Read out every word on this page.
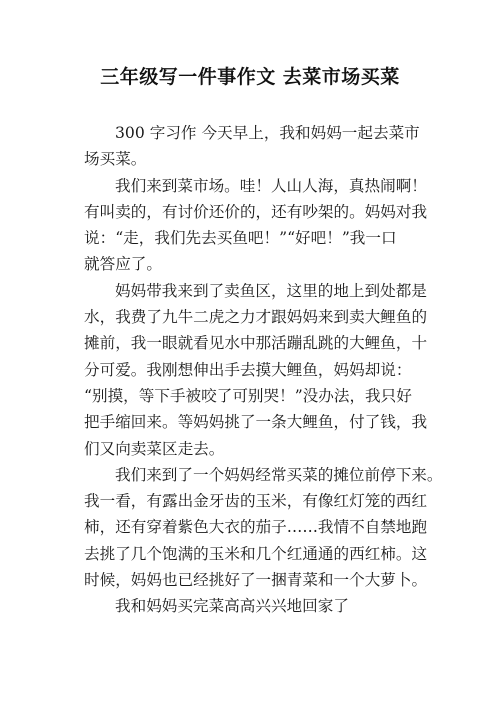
三年级写一件事作文 去菜市场买菜
300 字习作 今天早上，我和妈妈一起去菜市
场买菜。
我们来到菜市场。哇！人山人海，真热闹啊！
有叫卖的，有讨价还价的，还有吵架的。妈妈对我
说：“走，我们先去买鱼吧！”“好吧！”我一口
就答应了。
妈妈带我来到了卖鱼区，这里的地上到处都是
水，我费了九牛二虎之力才跟妈妈来到卖大鲤鱼的
摊前，我一眼就看见水中那活蹦乱跳的大鲤鱼，十
分可爱。我刚想伸出手去摸大鲤鱼，妈妈却说：
“别摸，等下手被咬了可别哭！”没办法，我只好
把手缩回来。等妈妈挑了一条大鲤鱼，付了钱，我
们又向卖菜区走去。
我们来到了一个妈妈经常买菜的摊位前停下来。
我一看，有露出金牙齿的玉米，有像红灯笼的西红
柿，还有穿着紫色大衣的茄子……我情不自禁地跑
去挑了几个饱满的玉米和几个红通通的西红柿。这
时候，妈妈也已经挑好了一捆青菜和一个大萝卜。
我和妈妈买完菜高高兴兴地回家了
